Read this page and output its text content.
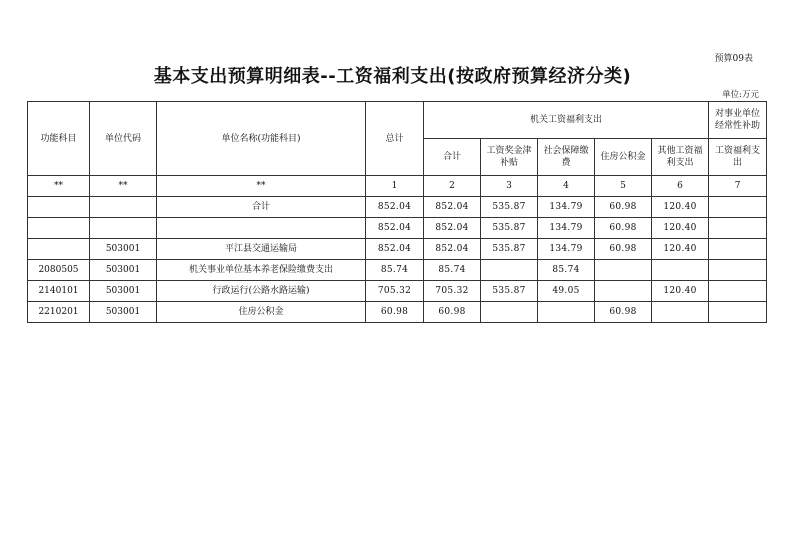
预算09表
基本支出预算明细表--工资福利支出(按政府预算经济分类)
单位:万元
功能科目	单位代码	单位名称(功能科目)	总计	机关工资福利支出					对事业单位经常性补助
				合计	工资奖金津补贴	社会保障缴费	住房公积金	其他工资福利支出	工资福利支出
**	**	**	1	2	3	4	5	6	7
		合计	852.04	852.04	535.87	134.79	60.98	120.40	
			852.04	852.04	535.87	134.79	60.98	120.40	
	503001	平江县交通运输局	852.04	852.04	535.87	134.79	60.98	120.40	
2080505	503001	机关事业单位基本养老保险缴费支出	85.74	85.74		85.74			
2140101	503001	行政运行(公路水路运输)	705.32	705.32	535.87	49.05		120.40	
2210201	503001	住房公积金	60.98	60.98			60.98		
